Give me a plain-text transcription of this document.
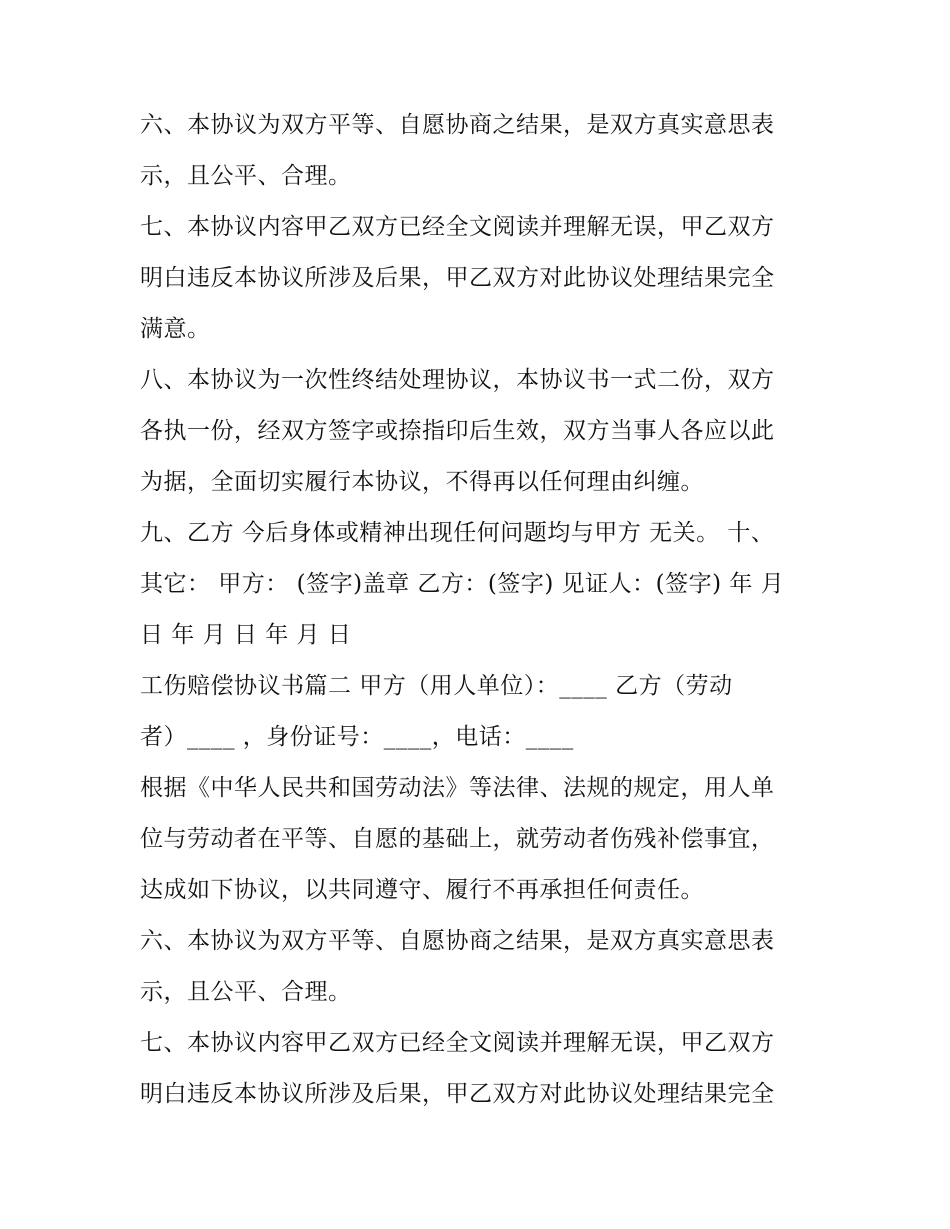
六、本协议为双方平等、自愿协商之结果，是双方真实意思表
示，且公平、合理。
七、本协议内容甲乙双方已经全文阅读并理解无误，甲乙双方
明白违反本协议所涉及后果，甲乙双方对此协议处理结果完全
满意。
八、本协议为一次性终结处理协议，本协议书一式二份，双方
各执一份，经双方签字或捺指印后生效，双方当事人各应以此
为据，全面切实履行本协议，不得再以任何理由纠缠。
九、乙方 今后身体或精神出现任何问题均与甲方 无关。 十、
其它： 甲方： (签字)盖章 乙方：(签字) 见证人：(签字) 年 月
日 年 月 日 年 月 日
工伤赔偿协议书篇二 甲方（用人单位）：____ 乙方（劳动
者）____ ，身份证号：____，电话：____
根据《中华人民共和国劳动法》等法律、法规的规定，用人单
位与劳动者在平等、自愿的基础上，就劳动者伤残补偿事宜，
达成如下协议，以共同遵守、履行不再承担任何责任。
六、本协议为双方平等、自愿协商之结果，是双方真实意思表
示，且公平、合理。
七、本协议内容甲乙双方已经全文阅读并理解无误，甲乙双方
明白违反本协议所涉及后果，甲乙双方对此协议处理结果完全
